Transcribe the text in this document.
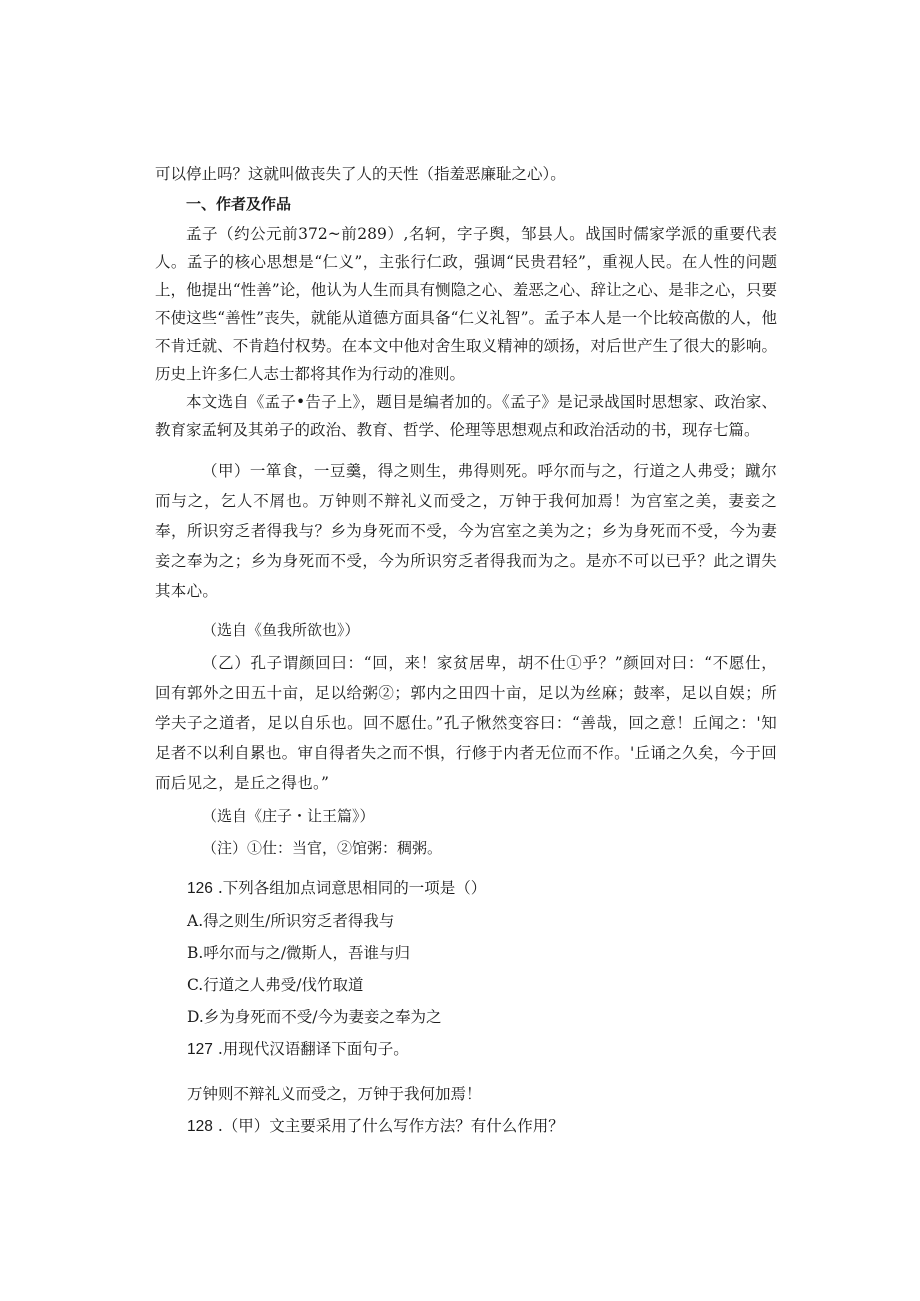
可以停止吗？这就叫做丧失了人的天性（指羞恶廉耻之心）。

一、作者及作品

孟子（约公元前372~前289）,名轲，字子舆，邹县人。战国时儒家学派的重要代表人。孟子的核心思想是“仁义”，主张行仁政，强调“民贵君轻”，重视人民。在人性的问题上，他提出“性善”论，他认为人生而具有恻隐之心、羞恶之心、辞让之心、是非之心，只要不使这些“善性”丧失，就能从道德方面具备“仁义礼智”。孟子本人是一个比较高傲的人，他不肯迁就、不肯趋付权势。在本文中他对舍生取义精神的颂扬，对后世产生了很大的影响。历史上许多仁人志士都将其作为行动的准则。

本文选自《孟子•告子上》，题目是编者加的。《孟子》是记录战国时思想家、政治家、教育家孟轲及其弟子的政治、教育、哲学、伦理等思想观点和政治活动的书，现存七篇。

（甲）一箪食，一豆羹，得之则生，弗得则死。呼尔而与之，行道之人弗受；蹴尔而与之，乞人不屑也。万钟则不辩礼义而受之，万钟于我何加焉！为宫室之美，妻妾之奉，所识穷乏者得我与？乡为身死而不受，今为宫室之美为之；乡为身死而不受，今为妻妾之奉为之；乡为身死而不受，今为所识穷乏者得我而为之。是亦不可以已乎？此之谓失其本心。

（选自《鱼我所欲也》）

（乙）孔子谓颜回曰：“回，来！家贫居卑，胡不仕①乎？”颜回对曰：“不愿仕，回有郭外之田五十亩，足以给粥②；郭内之田四十亩，足以为丝麻；鼓率，足以自娱；所学夫子之道者，足以自乐也。回不愿仕。”孔子愀然变容曰：“善哉，回之意！丘闻之：'知足者不以利自累也。审自得者失之而不惧，行修于内者无位而不作。'丘诵之久矣，今于回而后见之，是丘之得也。”

（选自《庄子・让王篇》）
（注）①仕：当官，②馆粥：稠粥。
126 .下列各组加点词意思相同的一项是（）
A.得之则生/所识穷乏者得我与
B.呼尔而与之/微斯人，吾谁与归
C.行道之人弗受/伐竹取道
D.乡为身死而不受/今为妻妾之奉为之
127 .用现代汉语翻译下面句子。
万钟则不辩礼义而受之，万钟于我何加焉！
128 .（甲）文主要采用了什么写作方法？有什么作用？
